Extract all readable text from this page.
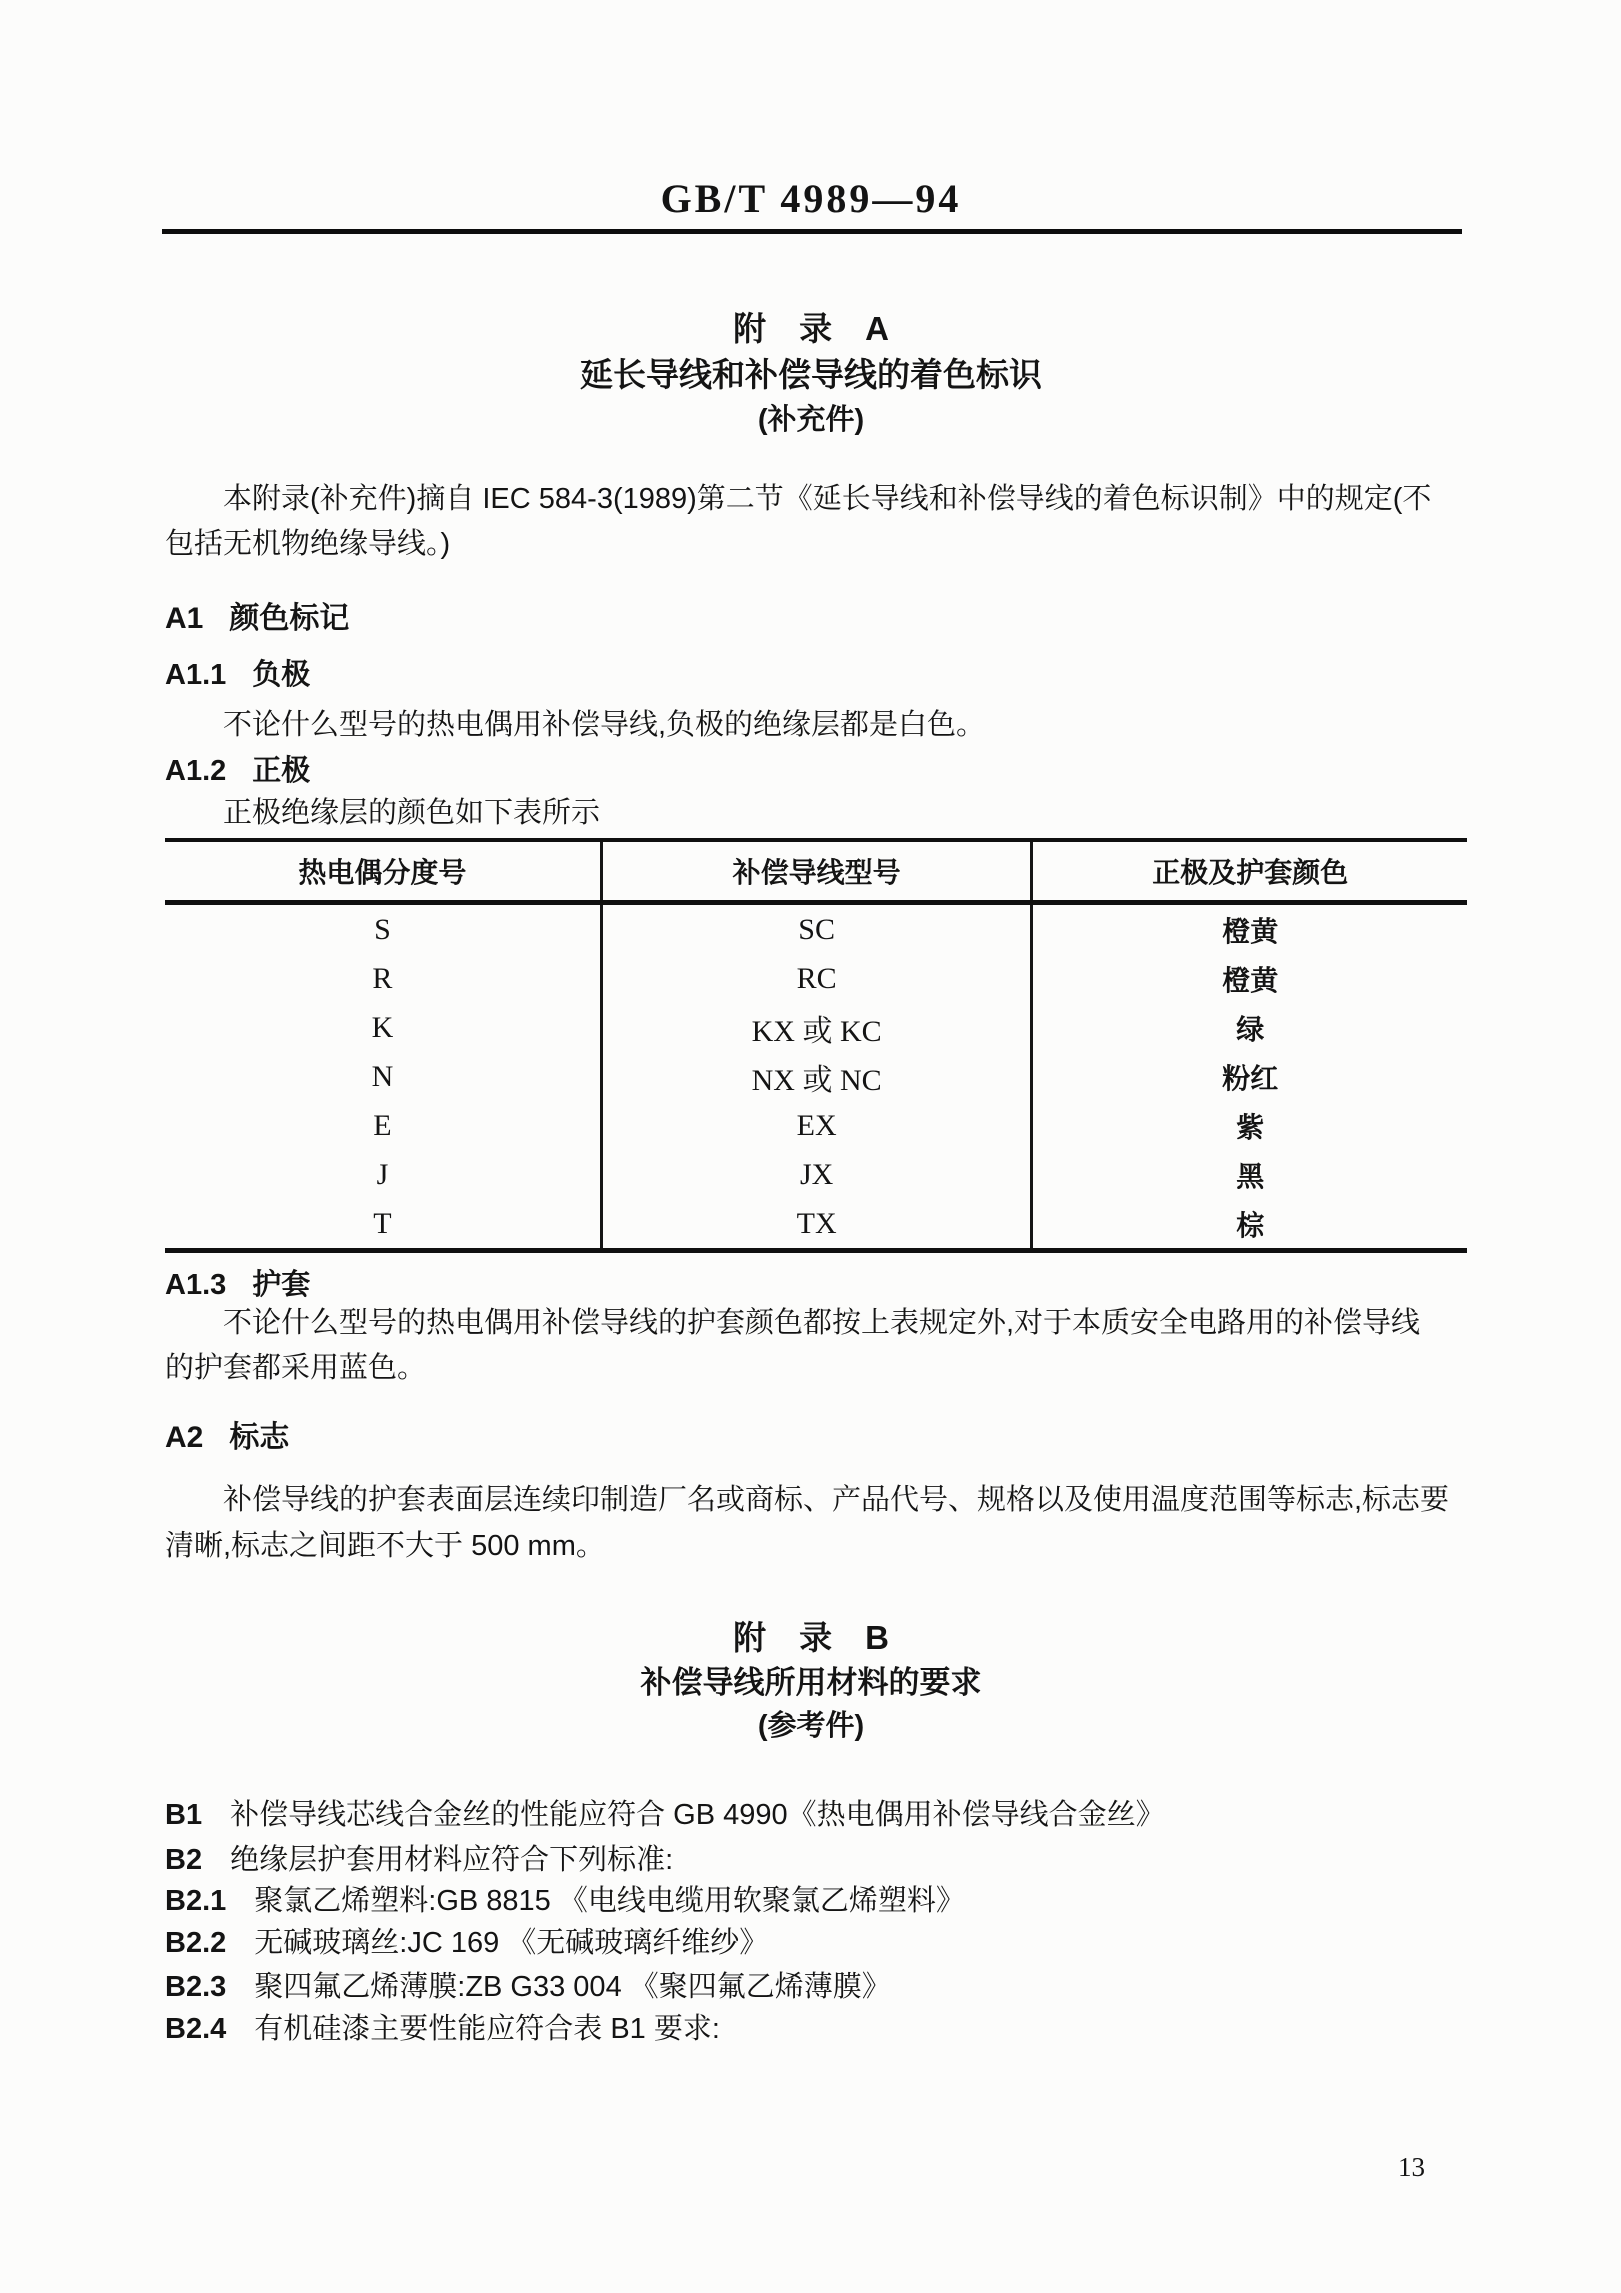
GB/T 4989—94
附　录　A
延长导线和补偿导线的着色标识
(补充件)
本附录(补充件)摘自 IEC 584-3(1989)第二节《延长导线和补偿导线的着色标识制》中的规定(不
包括无机物绝缘导线。)
A1 颜色标记
A1.1 负极
不论什么型号的热电偶用补偿导线,负极的绝缘层都是白色。
A1.2 正极
正极绝缘层的颜色如下表所示
热电偶分度号	补偿导线型号	正极及护套颜色
S	SC	橙黄
R	RC	橙黄
K	KX 或 KC	绿
N	NX 或 NC	粉红
E	EX	紫
J	JX	黑
T	TX	棕
A1.3 护套
不论什么型号的热电偶用补偿导线的护套颜色都按上表规定外,对于本质安全电路用的补偿导线
的护套都采用蓝色。
A2 标志
补偿导线的护套表面层连续印制造厂名或商标、产品代号、规格以及使用温度范围等标志,标志要
清晰,标志之间距不大于 500 mm。
附　录　B
补偿导线所用材料的要求
(参考件)
B1 补偿导线芯线合金丝的性能应符合 GB 4990《热电偶用补偿导线合金丝》
B2 绝缘层护套用材料应符合下列标准:
B2.1 聚氯乙烯塑料:GB 8815 《电线电缆用软聚氯乙烯塑料》
B2.2 无碱玻璃丝:JC 169 《无碱玻璃纤维纱》
B2.3 聚四氟乙烯薄膜:ZB G33 004 《聚四氟乙烯薄膜》
B2.4 有机硅漆主要性能应符合表 B1 要求:
13
